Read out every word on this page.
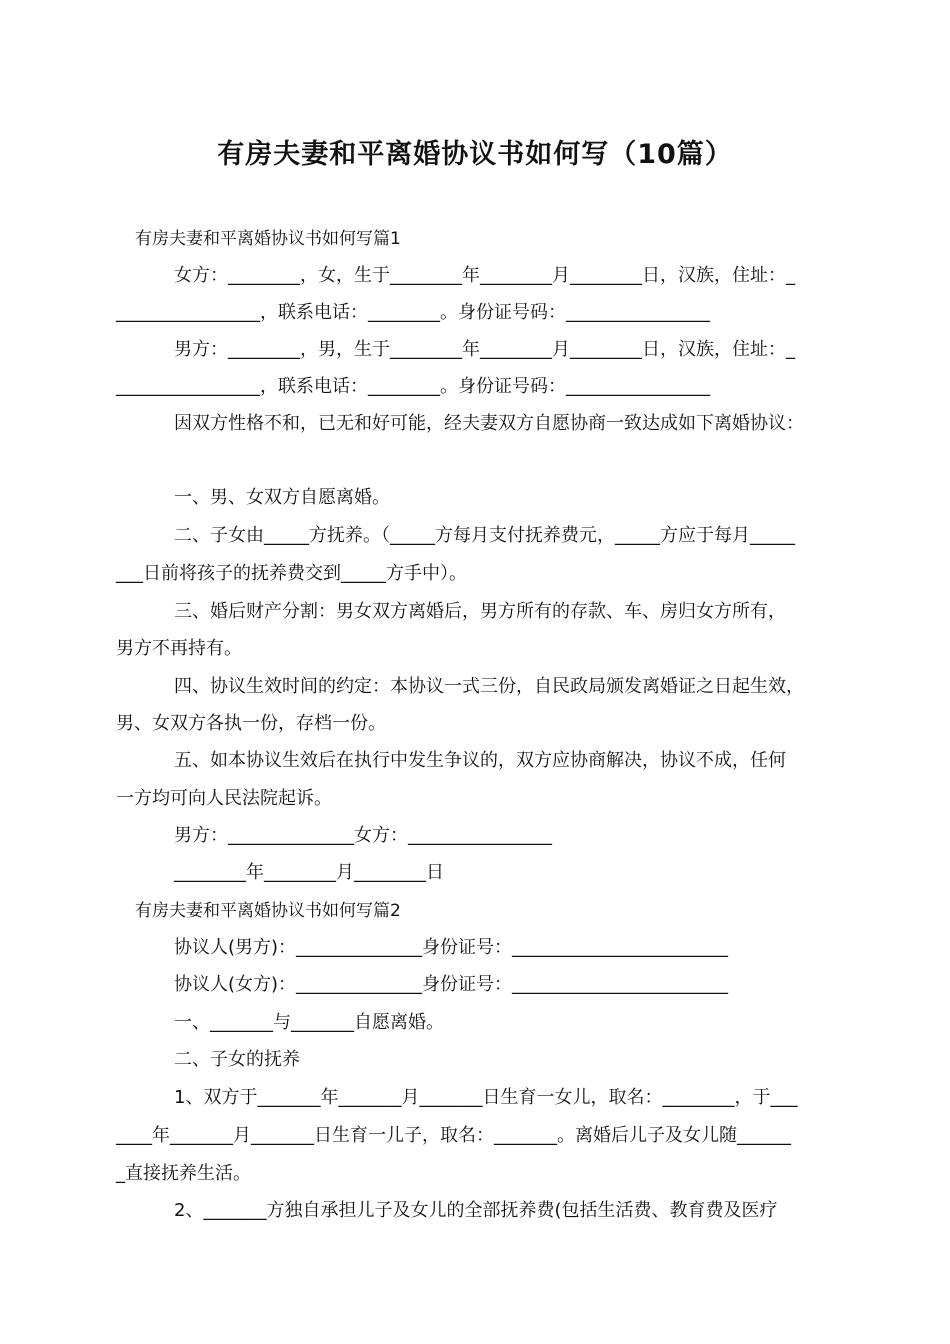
有房夫妻和平离婚协议书如何写（10篇）
有房夫妻和平离婚协议书如何写篇1
女方：________，女，生于________年________月________日，汉族，住址：_
________________，联系电话：________。身份证号码：________________
男方：________，男，生于________年________月________日，汉族，住址：_
________________，联系电话：________。身份证号码：________________
因双方性格不和，已无和好可能，经夫妻双方自愿协商一致达成如下离婚协议：
一、男、女双方自愿离婚。
二、子女由_____方抚养。（_____方每月支付抚养费元，_____方应于每月_____
___日前将孩子的抚养费交到_____方手中）。
三、婚后财产分割：男女双方离婚后，男方所有的存款、车、房归女方所有，
男方不再持有。
四、协议生效时间的约定：本协议一式三份，自民政局颁发离婚证之日起生效，
男、女双方各执一份，存档一份。
五、如本协议生效后在执行中发生争议的，双方应协商解决，协议不成，任何
一方均可向人民法院起诉。
男方：______________女方：________________
________年________月________日
有房夫妻和平离婚协议书如何写篇2
协议人(男方)：______________身份证号：________________________
协议人(女方)：______________身份证号：________________________
一、_______与_______自愿离婚。
二、子女的抚养
1、双方于_______年_______月_______日生育一女儿，取名：________，于___
____年_______月_______日生育一儿子，取名：_______。离婚后儿子及女儿随______
_直接抚养生活。
2、_______方独自承担儿子及女儿的全部抚养费(包括生活费、教育费及医疗
